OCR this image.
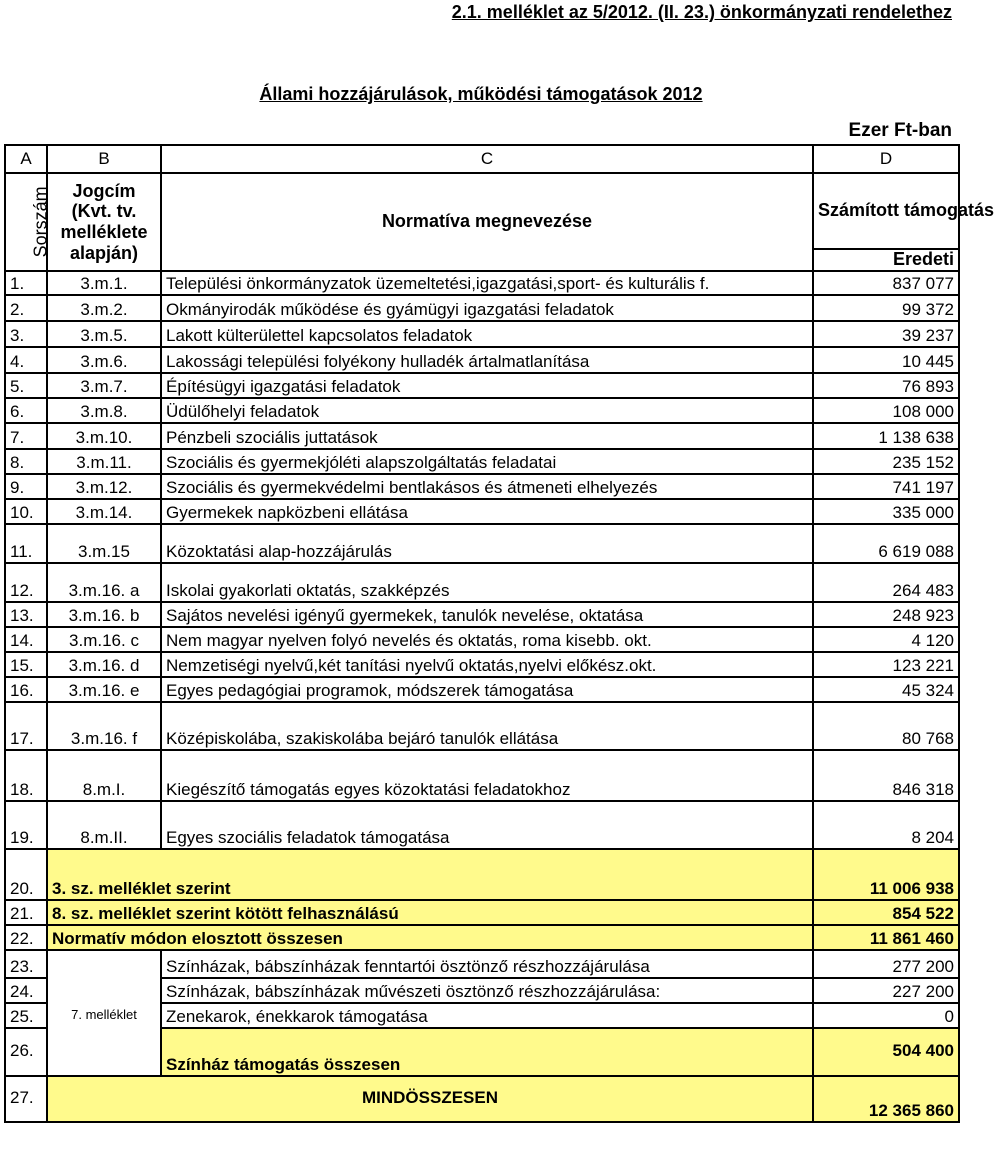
2.1. melléklet az 5/2012. (II. 23.) önkormányzati rendelethez
Állami hozzájárulások, működési támogatások 2012
Ezer Ft-ban
A	B	C	D
Sorszám	Jogcím (Kvt. tv. melléklete alapján)	Normatíva megnevezése	Számított támogatás
			Eredeti
1.	3.m.1.	Települési önkormányzatok üzemeltetési,igazgatási,sport- és kulturális f.	837 077
2.	3.m.2.	Okmányirodák működése és gyámügyi igazgatási feladatok	99 372
3.	3.m.5.	Lakott külterülettel kapcsolatos feladatok	39 237
4.	3.m.6.	Lakossági települési folyékony hulladék ártalmatlanítása	10 445
5.	3.m.7.	Építésügyi igazgatási feladatok	76 893
6.	3.m.8.	Üdülőhelyi feladatok	108 000
7.	3.m.10.	Pénzbeli szociális juttatások	1 138 638
8.	3.m.11.	Szociális és gyermekjóléti alapszolgáltatás feladatai	235 152
9.	3.m.12.	Szociális és gyermekvédelmi bentlakásos és átmeneti elhelyezés	741 197
10.	3.m.14.	Gyermekek napközbeni ellátása	335 000
11.	3.m.15	Közoktatási alap-hozzájárulás	6 619 088
12.	3.m.16. a	Iskolai gyakorlati oktatás, szakképzés	264 483
13.	3.m.16. b	Sajátos nevelési igényű gyermekek, tanulók nevelése, oktatása	248 923
14.	3.m.16. c	Nem magyar nyelven folyó nevelés és oktatás, roma kisebb. okt.	4 120
15.	3.m.16. d	Nemzetiségi nyelvű,két tanítási nyelvű oktatás,nyelvi előkész.okt.	123 221
16.	3.m.16. e	Egyes pedagógiai programok, módszerek támogatása	45 324
17.	3.m.16. f	Középiskolába, szakiskolába bejáró tanulók ellátása	80 768
18.	8.m.I.	Kiegészítő támogatás egyes közoktatási feladatokhoz	846 318
19.	8.m.II.	Egyes szociális feladatok támogatása	8 204
20.	3. sz. melléklet szerint		11 006 938
21.	8. sz. melléklet szerint kötött felhasználású		854 522
22.	Normatív módon elosztott összesen		11 861 460
23.	7. melléklet	Színházak, bábszínházak fenntartói ösztönző részhozzájárulása	277 200
24.		Színházak, bábszínházak művészeti ösztönző részhozzájárulása:	227 200
25.		Zenekarok, énekkarok támogatása	0
26.		Színház támogatás összesen	504 400
27.	MINDÖSSZESEN		12 365 860
